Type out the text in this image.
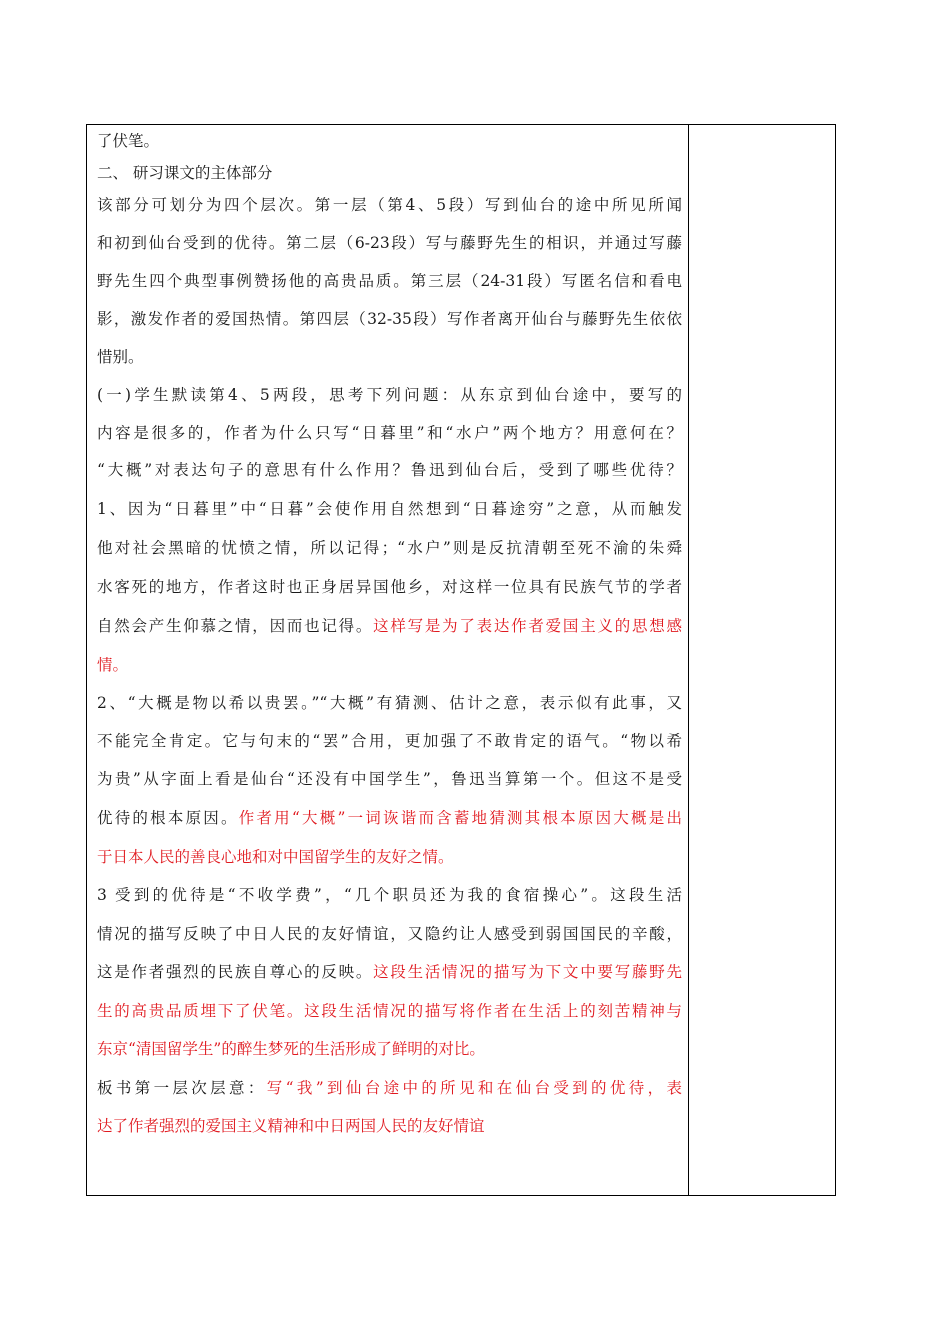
了伏笔。
二、 研习课文的主体部分
该部分可划分为四个层次。第一层（第4、5段）写到仙台的途中所见所闻
和初到仙台受到的优待。第二层（6-23段）写与藤野先生的相识，并通过写藤
野先生四个典型事例赞扬他的高贵品质。第三层（24-31段）写匿名信和看电
影，激发作者的爱国热情。第四层（32-35段）写作者离开仙台与藤野先生依依
惜别。
(一)学生默读第4、5两段，思考下列问题：从东京到仙台途中，要写的
内容是很多的，作者为什么只写“日暮里”和“水户”两个地方？用意何在？
“大概”对表达句子的意思有什么作用？鲁迅到仙台后，受到了哪些优待？
1、因为“日暮里”中“日暮”会使作用自然想到“日暮途穷”之意，从而触发
他对社会黑暗的忧愤之情，所以记得；“水户”则是反抗清朝至死不渝的朱舜
水客死的地方，作者这时也正身居异国他乡，对这样一位具有民族气节的学者
自然会产生仰慕之情，因而也记得。这样写是为了表达作者爱国主义的思想感
情。
2、“大概是物以希以贵罢。”“大概”有猜测、估计之意，表示似有此事，又
不能完全肯定。它与句末的“罢”合用，更加强了不敢肯定的语气。“物以希
为贵”从字面上看是仙台“还没有中国学生”，鲁迅当算第一个。但这不是受
优待的根本原因。作者用“大概”一词诙谐而含蓄地猜测其根本原因大概是出
于日本人民的善良心地和对中国留学生的友好之情。
3 受到的优待是“不收学费”，“几个职员还为我的食宿操心”。这段生活
情况的描写反映了中日人民的友好情谊，又隐约让人感受到弱国国民的辛酸，
这是作者强烈的民族自尊心的反映。这段生活情况的描写为下文中要写藤野先
生的高贵品质埋下了伏笔。这段生活情况的描写将作者在生活上的刻苦精神与
东京“清国留学生”的醉生梦死的生活形成了鲜明的对比。
板书第一层次层意：写“我”到仙台途中的所见和在仙台受到的优待，表
达了作者强烈的爱国主义精神和中日两国人民的友好情谊
